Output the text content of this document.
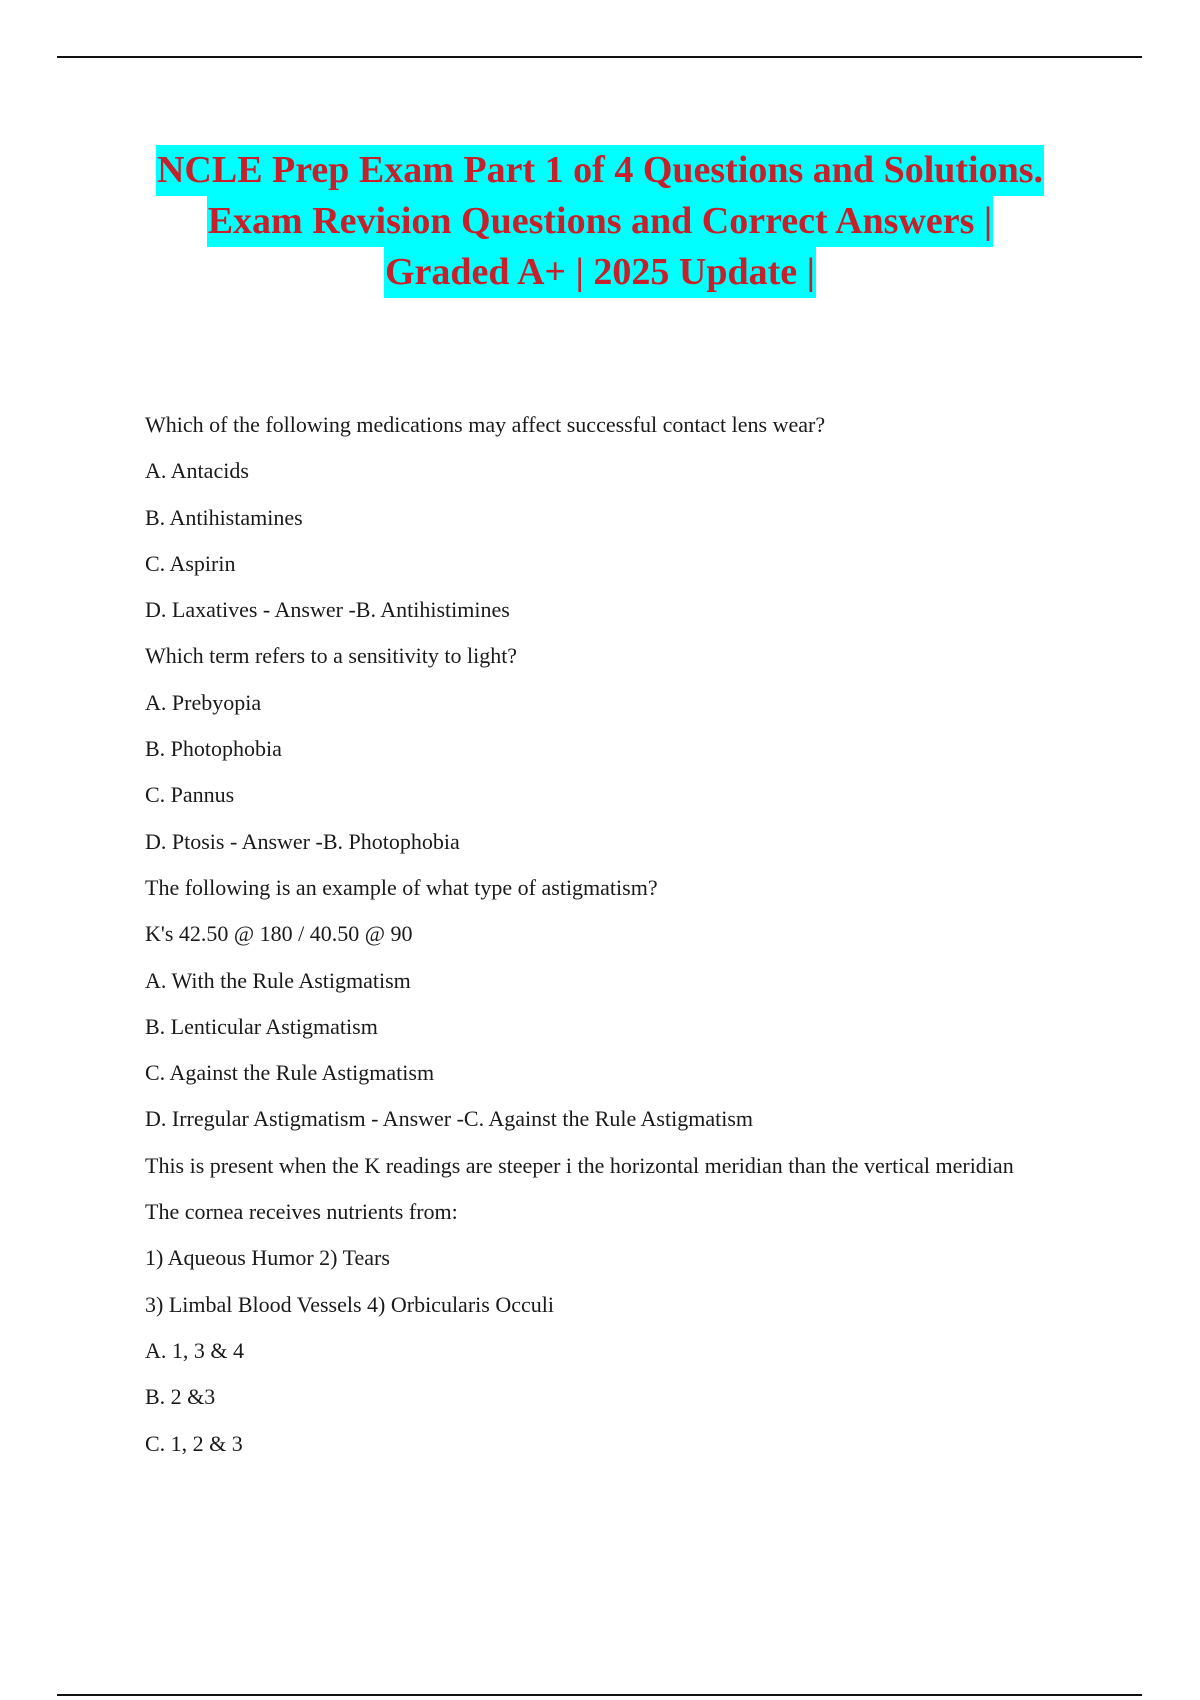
NCLE Prep Exam Part 1 of 4 Questions and Solutions.
Exam Revision Questions and Correct Answers |
Graded A+ | 2025 Update |

Which of the following medications may affect successful contact lens wear?

A. Antacids

B. Antihistamines

C. Aspirin

D. Laxatives - Answer -B. Antihistimines

Which term refers to a sensitivity to light?

A. Prebyopia

B. Photophobia

C. Pannus

D. Ptosis - Answer -B. Photophobia

The following is an example of what type of astigmatism?

K's 42.50 @ 180 / 40.50 @ 90

A. With the Rule Astigmatism

B. Lenticular Astigmatism

C. Against the Rule Astigmatism

D. Irregular Astigmatism - Answer -C. Against the Rule Astigmatism

This is present when the K readings are steeper i the horizontal meridian than the vertical meridian

The cornea receives nutrients from:

1) Aqueous Humor 2) Tears

3) Limbal Blood Vessels 4) Orbicularis Occuli

A. 1, 3 & 4

B. 2 &3

C. 1, 2 & 3
